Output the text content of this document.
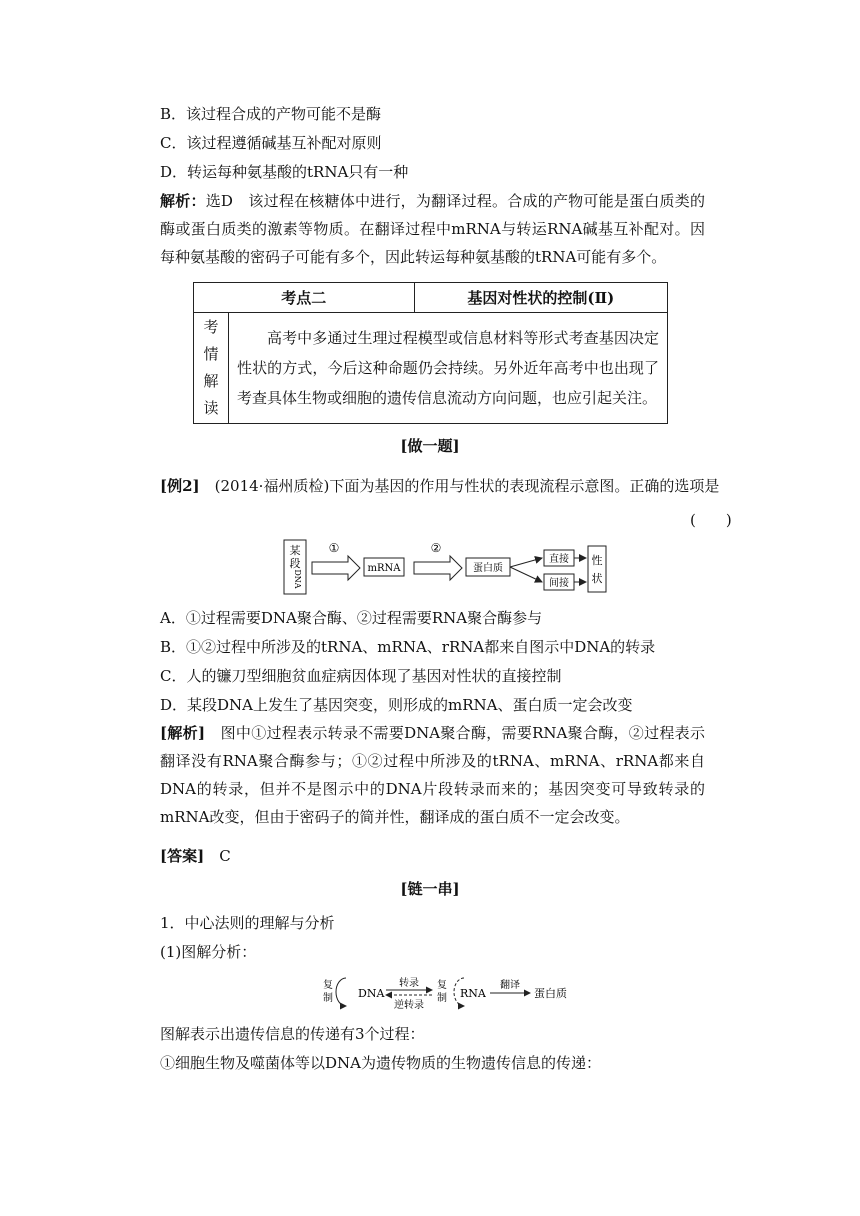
B．该过程合成的产物可能不是酶
C．该过程遵循碱基互补配对原则
D．转运每种氨基酸的tRNA只有一种
解析：选D　该过程在核糖体中进行，为翻译过程。合成的产物可能是蛋白质类的酶或蛋白质类的激素等物质。在翻译过程中mRNA与转运RNA碱基互补配对。因每种氨基酸的密码子可能有多个，因此转运每种氨基酸的tRNA可能有多个。
考点二		基因对性状的控制(Ⅱ)

考
情
解
读	高考中多通过生理过程模型或信息材料等形式考查基因决定性状的方式，今后这种命题仍会持续。另外近年高考中也出现了考查具体生物或细胞的遗传信息流动方向问题，也应引起关注。	
[做一题]
[例2]　 (2014·福州质检)下面为基因的作用与性状的表现流程示意图。正确的选项是
(　　)
某
段
DNA
①
mRNA
②
蛋白质
直接
间接
性
状
A．①过程需要DNA聚合酶、②过程需要RNA聚合酶参与
B．①②过程中所涉及的tRNA、mRNA、rRNA都来自图示中DNA的转录
C．人的镰刀型细胞贫血症病因体现了基因对性状的直接控制
D．某段DNA上发生了基因突变，则形成的mRNA、蛋白质一定会改变
[解析]　 图中①过程表示转录不需要DNA聚合酶，需要RNA聚合酶，②过程表示翻译没有RNA聚合酶参与；①②过程中所涉及的tRNA、mRNA、rRNA都来自DNA的转录，但并不是图示中的DNA片段转录而来的；基因突变可导致转录的mRNA改变，但由于密码子的简并性，翻译成的蛋白质不一定会改变。
[答案]　 C
[链一串]
1．中心法则的理解与分析
(1)图解分析：
复
制 DNA
转录
逆转录
复
制 RNA
翻译
蛋白质
图解表示出遗传信息的传递有3个过程：
①细胞生物及噬菌体等以DNA为遗传物质的生物遗传信息的传递：
